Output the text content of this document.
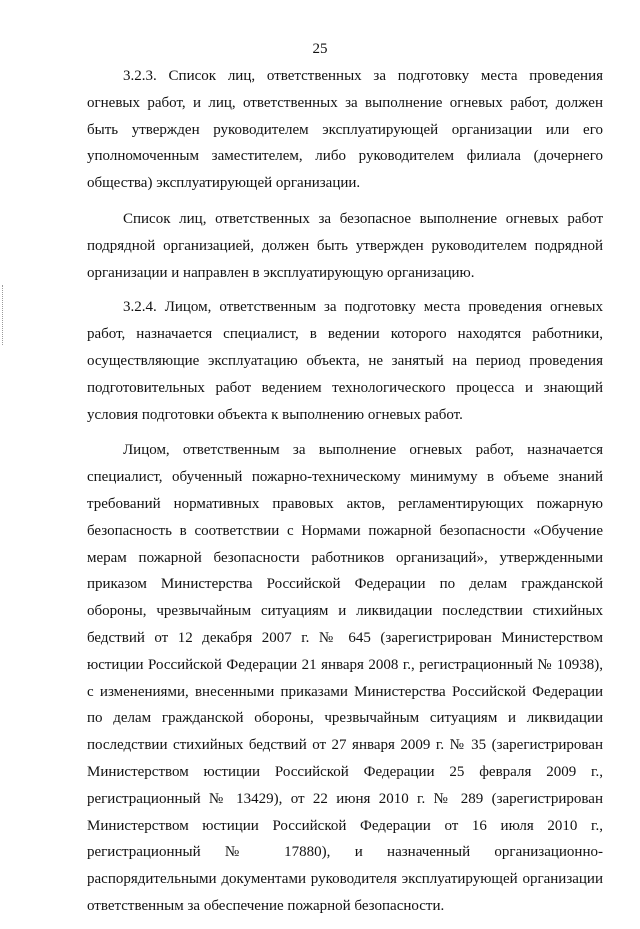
25

3.2.3. Список лиц, ответственных за подготовку места проведения огневых работ, и лиц, ответственных за выполнение огневых работ, должен быть утвержден руководителем эксплуатирующей организации или его уполномоченным заместителем, либо руководителем филиала (дочернего общества) эксплуатирующей организации.

Список лиц, ответственных за безопасное выполнение огневых работ подрядной организацией, должен быть утвержден руководителем подрядной организации и направлен в эксплуатирующую организацию.

3.2.4. Лицом, ответственным за подготовку места проведения огневых работ, назначается специалист, в ведении которого находятся работники, осуществляющие эксплуатацию объекта, не занятый на период проведения подготовительных работ ведением технологического процесса и знающий условия подготовки объекта к выполнению огневых работ.

Лицом, ответственным за выполнение огневых работ, назначается специалист, обученный пожарно-техническому минимуму в объеме знаний требований нормативных правовых актов, регламентирующих пожарную безопасность в соответствии с Нормами пожарной безопасности «Обучение мерам пожарной безопасности работников организаций», утвержденными приказом Министерства Российской Федерации по делам гражданской обороны, чрезвычайным ситуациям и ликвидации последствии стихийных бедствий от 12 декабря 2007 г. № 645 (зарегистрирован Министерством юстиции Российской Федерации 21 января 2008 г., регистрационный № 10938), с изменениями, внесенными приказами Министерства Российской Федерации по делам гражданской обороны, чрезвычайным ситуациям и ликвидации последствии стихийных бедствий от 27 января 2009 г. № 35 (зарегистрирован Министерством юстиции Российской Федерации 25 февраля 2009 г., регистрационный № 13429), от 22 июня 2010 г. № 289 (зарегистрирован Министерством юстиции Российской Федерации от 16 июля 2010 г., регистрационный № 17880), и назначенный организационно-распорядительными документами руководителя эксплуатирующей организации ответственным за обеспечение пожарной безопасности.
